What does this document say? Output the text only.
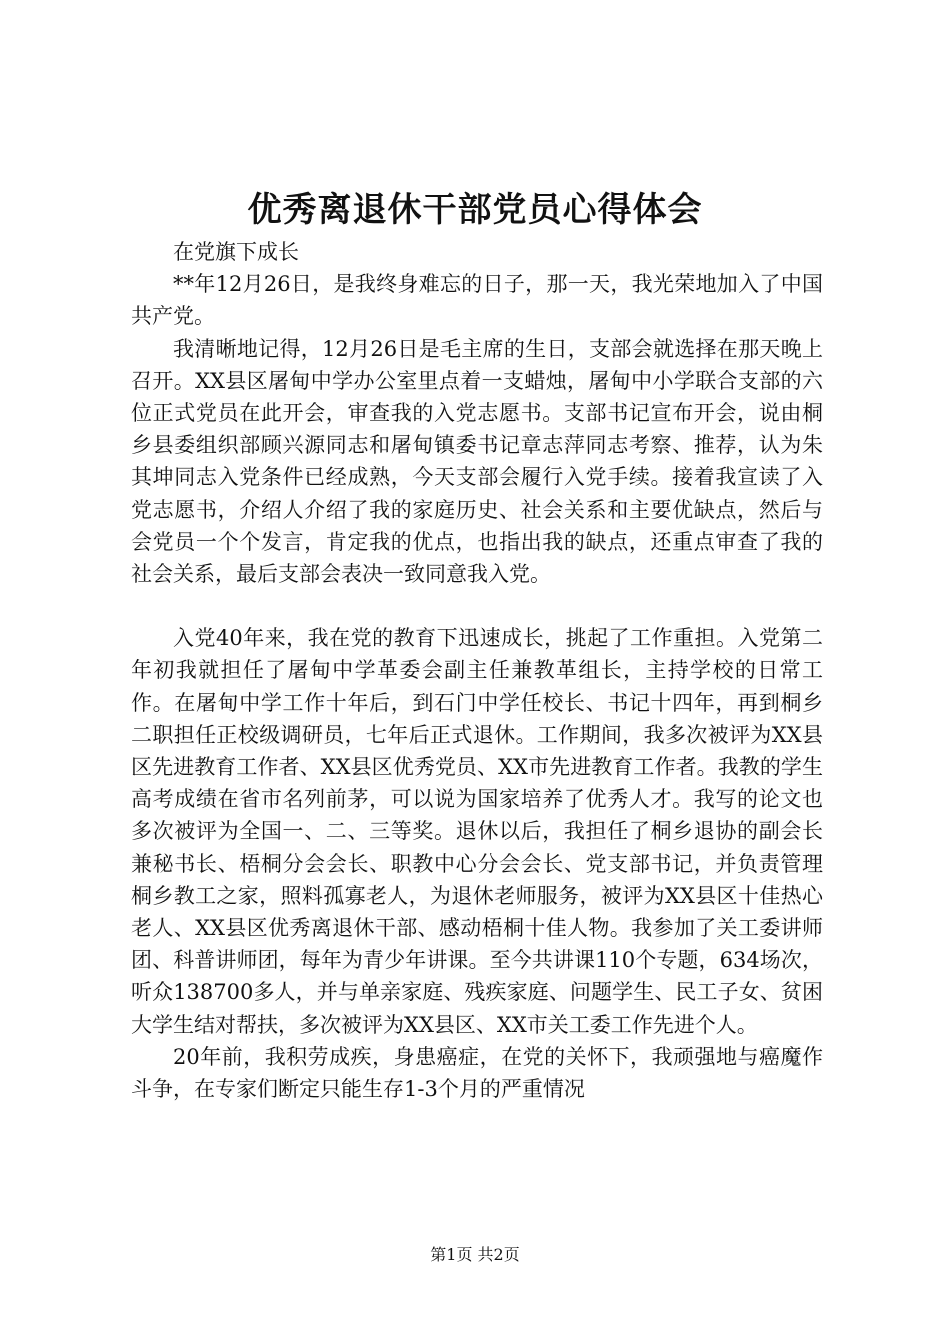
优秀离退休干部党员心得体会

在党旗下成长

**年12月26日，是我终身难忘的日子，那一天，我光荣地加入了中国共产党。

我清晰地记得，12月26日是毛主席的生日，支部会就选择在那天晚上召开。XX县区屠甸中学办公室里点着一支蜡烛，屠甸中小学联合支部的六位正式党员在此开会，审查我的入党志愿书。支部书记宣布开会，说由桐乡县委组织部顾兴源同志和屠甸镇委书记章志萍同志考察、推荐，认为朱其坤同志入党条件已经成熟，今天支部会履行入党手续。接着我宣读了入党志愿书，介绍人介绍了我的家庭历史、社会关系和主要优缺点，然后与会党员一个个发言，肯定我的优点，也指出我的缺点，还重点审查了我的社会关系，最后支部会表决一致同意我入党。

入党40年来，我在党的教育下迅速成长，挑起了工作重担。入党第二年初我就担任了屠甸中学革委会副主任兼教革组长，主持学校的日常工作。在屠甸中学工作十年后，到石门中学任校长、书记十四年，再到桐乡二职担任正校级调研员，七年后正式退休。工作期间，我多次被评为XX县区先进教育工作者、XX县区优秀党员、XX市先进教育工作者。我教的学生高考成绩在省市名列前茅，可以说为国家培养了优秀人才。我写的论文也多次被评为全国一、二、三等奖。退休以后，我担任了桐乡退协的副会长兼秘书长、梧桐分会会长、职教中心分会会长、党支部书记，并负责管理桐乡教工之家，照料孤寡老人，为退休老师服务，被评为XX县区十佳热心老人、XX县区优秀离退休干部、感动梧桐十佳人物。我参加了关工委讲师团、科普讲师团，每年为青少年讲课。至今共讲课110个专题，634场次，听众138700多人，并与单亲家庭、残疾家庭、问题学生、民工子女、贫困大学生结对帮扶，多次被评为XX县区、XX市关工委工作先进个人。

20年前，我积劳成疾，身患癌症，在党的关怀下，我顽强地与癌魔作斗争，在专家们断定只能生存1-3个月的严重情况

第1页 共2页
